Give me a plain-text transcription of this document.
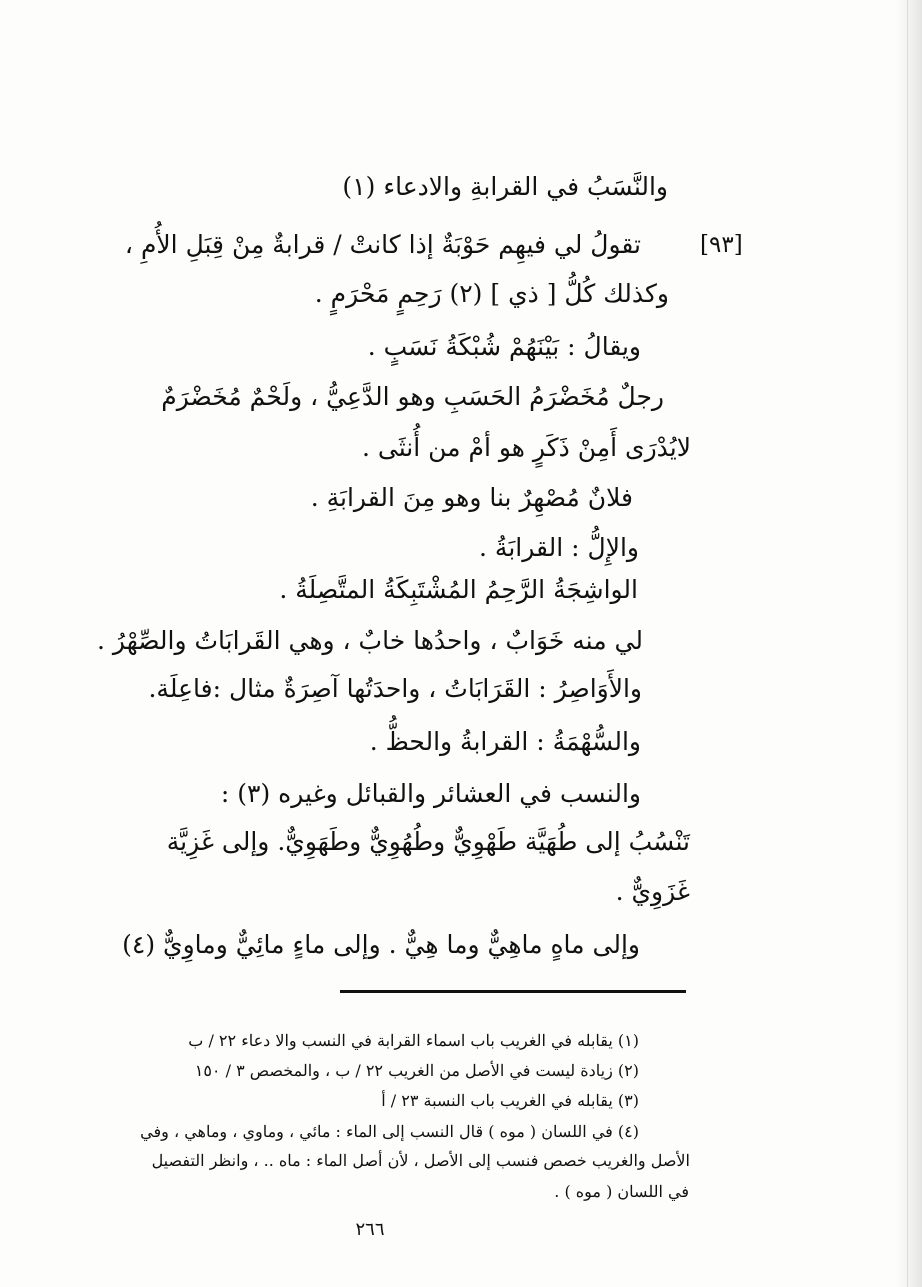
والنَّسَبُ في القرابةِ والادعاء (١)

[٩٣]

تقولُ لي فيهِم حَوْبَةٌ إذا كانتْ / قرابةٌ مِنْ قِبَلِ الأُمِ ،

وكذلك كُلُّ [ ذي ] (٢) رَحِمٍ مَحْرَمٍ .

ويقالُ : بَيْنَهُمْ شُبْكَةُ نَسَبٍ .

رجلٌ مُخَضْرَمُ الحَسَبِ وهو الدَّعِيُّ ، ولَحْمٌ مُخَضْرَمٌ

لايُدْرَى أَمِنْ ذَكَرٍ هو أمْ من أُنثَى .

فلانٌ مُصْهِرٌ بنا وهو مِنَ القرابَةِ .

والإِلُّ : القرابَةُ .

الواشِجَةُ الرَّحِمُ المُشْتَبِكَةُ المتَّصِلَةُ .

لي منه خَوَابٌ ، واحدُها خابٌ ، وهي القَرابَاتُ والصِّهْرُ .

والأَوَاصِرُ : القَرَابَاتُ ، واحدَتُها آصِرَةٌ مثال :فاعِلَة.

والسُّهْمَةُ : القرابةُ والحظُّ .

والنسب في العشائر والقبائل وغيره (٣) :

تَنْسُبُ إلى طُهَيَّة طَهْوِيٌّ وطُهُوِيٌّ وطَهَوِيٌّ. وإلى غَزِيَّة

غَزَوِيٌّ .

وإلى ماهٍ ماهِيٌّ وما هِيٌّ . وإلى ماءٍ مائِيٌّ وماوِيٌّ (٤)

(١) يقابله في الغريب باب اسماء القرابة في النسب والا دعاء ٢٢ / ب

(٢) زيادة ليست في الأصل من الغريب ٢٢ / ب ، والمخصص ٣ / ١٥٠

(٣) يقابله في الغريب باب النسبة ٢٣ / أ

(٤) في اللسان ( موه ) قال النسب إلى الماء : مائي ، وماوي ، وماهي ، وفي

الأصل والغريب خصص فنسب إلى الأصل ، لأن أصل الماء : ماه .. ، وانظر التفصيل

في اللسان ( موه ) .

٢٦٦
